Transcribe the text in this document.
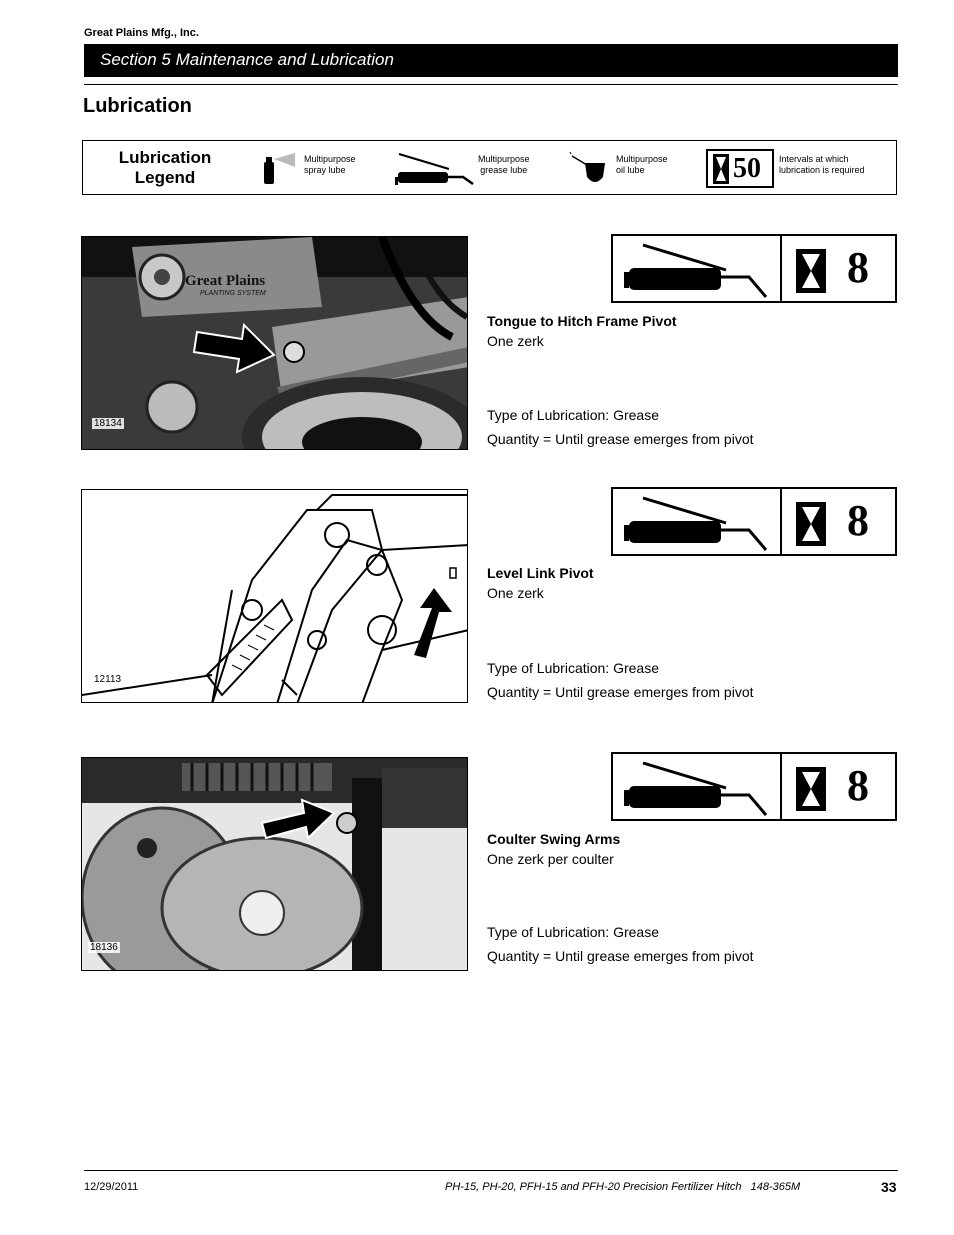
Great Plains Mfg., Inc.
Section 5 Maintenance and Lubrication
Lubrication
Lubrication
Legend
Multipurpose
spray lube
Multipurpose
grease lube
Multipurpose
oil lube	50 Intervals at which
lubrication is required
Great Plains
PLANTING SYSTEM
18134
8
Tongue to Hitch Frame Pivot
One zerk
Type of Lubrication: Grease
Quantity = Until grease emerges from pivot
12113
8
Level Link Pivot
One zerk
Type of Lubrication: Grease
Quantity = Until grease emerges from pivot
18136
8
Coulter Swing Arms
One zerk per coulter
Type of Lubrication: Grease
Quantity = Until grease emerges from pivot
12/29/2011	PH-15, PH-20, PFH-15 and PFH-20 Precision Fertilizer Hitch   148-365M	33
